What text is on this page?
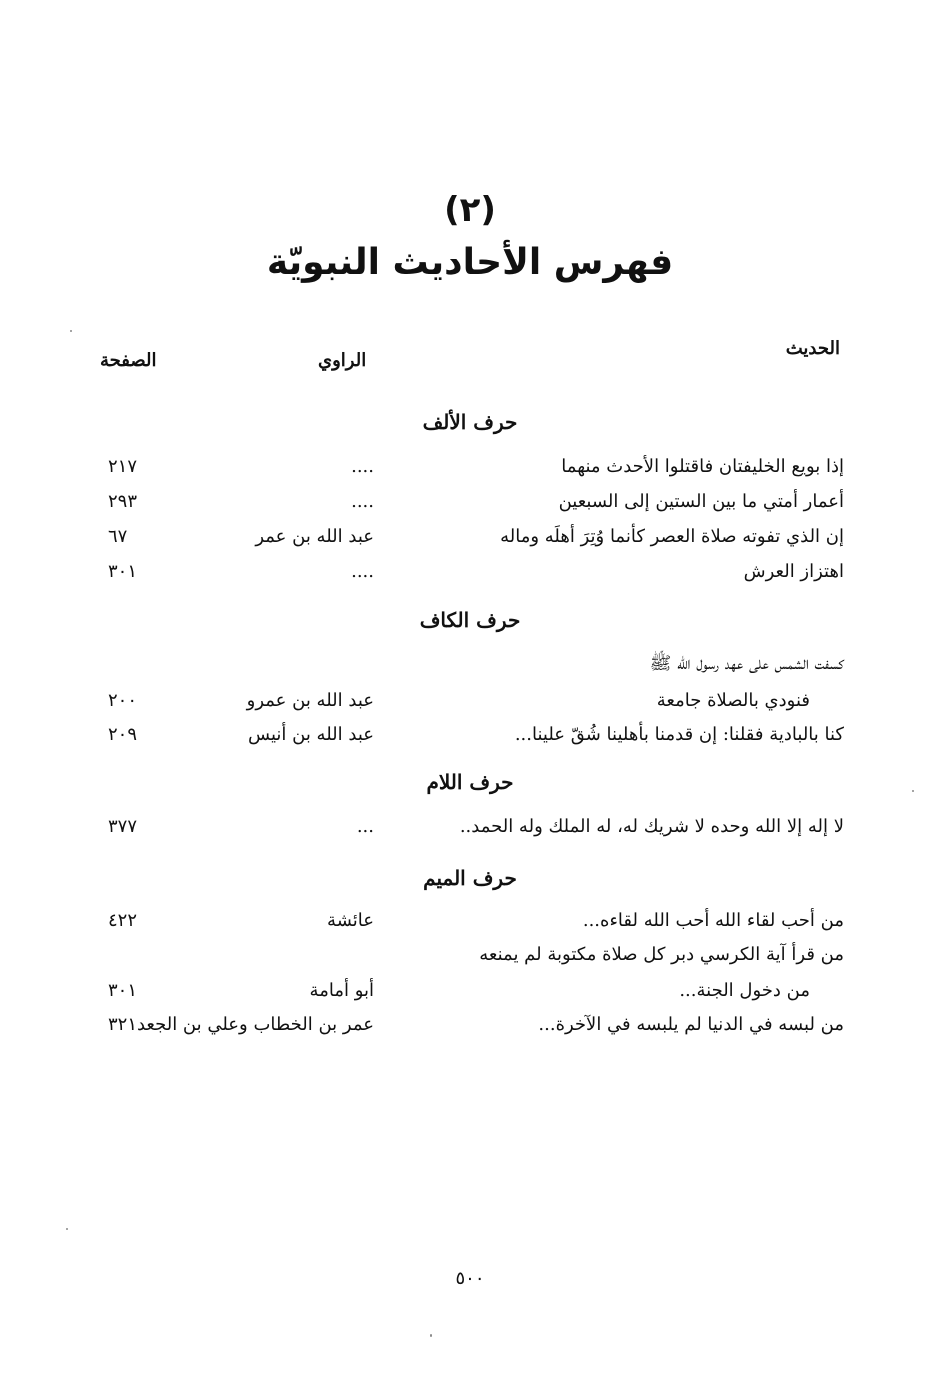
(٢)
فهرس الأحاديث النبويّة
الحديث
الراوي
الصفحة
حرف الألف
إذا بويع الخليفتان فاقتلوا الأحدث منهما
....
٢١٧
أعمار أمتي ما بين الستين إلى السبعين
....
٢٩٣
إن الذي تفوته صلاة العصر كأنما وُتِرَ أهلَه وماله
عبد الله بن عمر
٦٧
اهتزاز العرش
....
٣٠١
حرف الكاف
كسفت الشمس على عهد رسول الله ﷺ
فنودي بالصلاة جامعة
عبد الله بن عمرو
٢٠٠
كنا بالبادية فقلنا: إن قدمنا بأهلينا شُقّ علينا...
عبد الله بن أنيس
٢٠٩
حرف اللام
لا إله إلا الله وحده لا شريك له، له الملك وله الحمد..
...
٣٧٧
حرف الميم
من أحب لقاء الله أحب الله لقاءه...
عائشة
٤٢٢
من قرأ آية الكرسي دبر كل صلاة مكتوبة لم يمنعه
من دخول الجنة...
أبو أمامة
٣٠١
من لبسه في الدنيا لم يلبسه في الآخرة...
عمر بن الخطاب وعلي بن الجعد
٣٢١
٥٠٠
